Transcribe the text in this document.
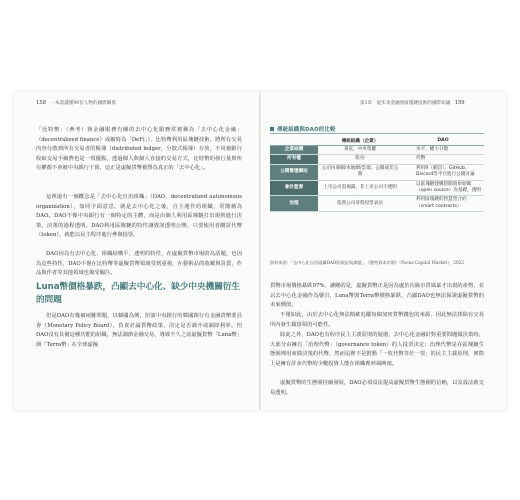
158 一本書讀懂90位人物的國際關係

「比特幣」（參考）與金融服務有關的去中心化服務常被稱為「去中心化金融」（decentralized finance）或縮寫為「DeFi」），比特幣利用區塊鏈技術，將所有交易內容分散到所有交易者的帳簿（distributed ledger，分散式帳簿）存放，不用被銀行收取交易手續費也是一項優點，透過個人與個人直接的交易方式，比特幣的發行量與所有權都不會被中央銀行干預，這正是虛擬貨幣被譽為真正的「去中心化」。

這裡還有一個概念是「去中心化自治組織」（DAO，decentralized autonomous organization），如同字面意思，就是去中心化之後，自主運作的組織，常簡稱為DAO。DAO不像中央銀行有一個特定的主體，而是由個人利用區塊鏈打出規則進行決策，決策的過程透明。DAO利用區塊鏈的特性讓資訊透明公開，只要使用者購買代幣（token），就能以民主程序進行參與投票。

DAO因為有去中心化、組織結構平、透明的特性，在虛擬貨幣市場蔚為話題，也因為這些特性，DAO不僅在比特幣等虛擬貨幣領域受到重視，在藝術品的收藏與買賣，作品與作者等其他領域也備受關注。

Luna幣價格暴跌，凸顯去中心化、缺少中央機關衍生的問題

但是DAO有幾個兩難問題，以韓國為例，扮演中央銀行的韓國銀行有金融貨幣委員會（Monetary Policy Board），負責討論貨幣政策，決定是否調升或調降利率。但DAO沒有具備這種功能的組織，無法調節金融交易，導致不久之前虛擬貨幣「Luna幣」與「Terra幣」在全球虛擬

第1章　從未來金融到區塊鏈技術的國際知識 159
傳統組織與DAO的比較
	傳統組織（企業）	DAO
企業結構	垂直，中央集權	水平，權力分散
所有權	股份	代幣
公開營運網站	公司內部網/本地網/雲端，公開或非公開	利用R（網頁）、GitHub、Discord等平台進行公開討論
會計監督	上市公司需揭露，非上市公司不透明	以區塊鏈建構的開放原始碼（open source）為基礎，透明
治理	依照公司章程投票表決	利用區塊鏈的智慧型合約（smart contracts）

資料來源：「去中心化自治組織DAO的現況與課題」，《整售資本市場》（Focus Capital Market），2022

貨幣市場價格暴跌97%，讓剛的是，虛擬貨幣正是因為處於次級市貨風暴才出現的產物，並以去中心化金融作為號召，Luna幣與Terra幣價格暴跌，凸顯DAO也無法保證虛擬貨幣的未來價值。

不僅如此，由於去中心化無法精確追蹤每個加密貨幣錢包的來源，因此無法排除有交易所內發生做盜領的可能性。

除此之外，DAO也有程序民主主義原則的疑慮，去中心化金融針對重要問題做決策時，大部分由擁有「治理代幣」（governance token）的人投票決定；治理代幣是在區塊鏈生態圈裡用來做決策的代幣，然而這裡不是推動「一枚代幣等於一票」的民主主義原則，實際上是擁有許多代幣的少數投資人能在組織裡呼風喚雨。

虛擬貨幣的生態圈持續發展，DAO必須設法提高虛擬貨幣生態圈的信賴，以及設法就交易透明。
